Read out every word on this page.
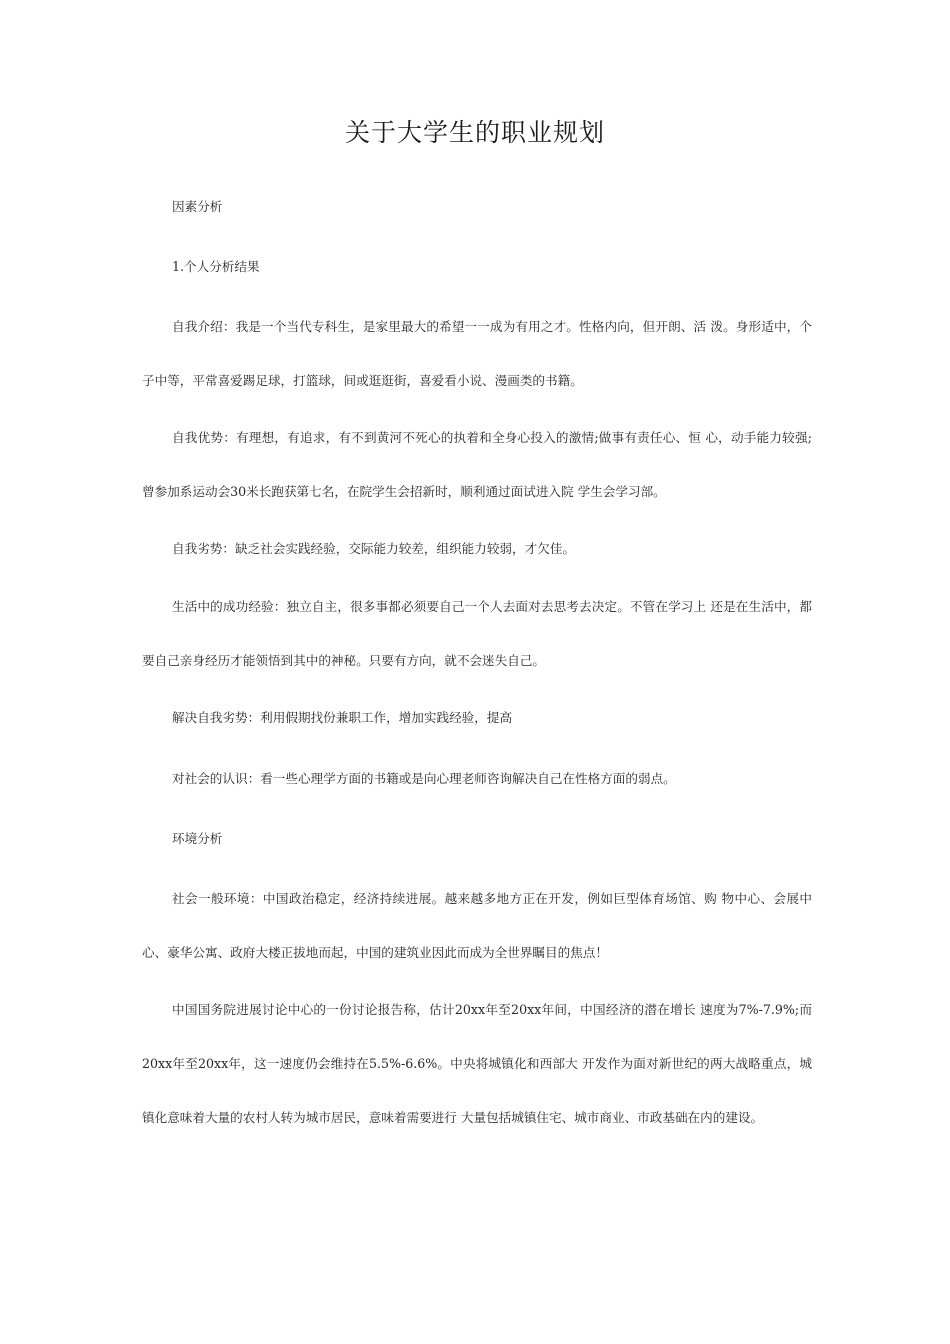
关于大学生的职业规划

因素分析

1.个人分析结果

自我介绍：我是一个当代专科生，是家里最大的希望一一成为有用之才。性格内向，但开朗、活 泼。身形适中，个子中等，平常喜爱踢足球，打篮球，间或逛逛街，喜爱看小说、漫画类的书籍。

自我优势：有理想，有追求，有不到黄河不死心的执着和全身心投入的激情;做事有责任心、恒 心，动手能力较强;曾参加系运动会30米长跑获第七名，在院学生会招新时，顺利通过面试进入院 学生会学习部。

自我劣势：缺乏社会实践经验，交际能力较差，组织能力较弱，才欠佳。

生活中的成功经验：独立自主，很多事都必须要自己一个人去面对去思考去决定。不管在学习上 还是在生活中，都要自己亲身经历才能领悟到其中的神秘。只要有方向，就不会迷失自己。

解决自我劣势：利用假期找份兼职工作，增加实践经验，提高

对社会的认识：看一些心理学方面的书籍或是向心理老师咨询解决自己在性格方面的弱点。

环境分析

社会一般环境：中国政治稳定，经济持续进展。越来越多地方正在开发，例如巨型体育场馆、购 物中心、会展中心、豪华公寓、政府大楼正拔地而起，中国的建筑业因此而成为全世界瞩目的焦点！

中国国务院进展讨论中心的一份讨论报告称，估计20xx年至20xx年间，中国经济的潜在增长 速度为7%-7.9%;而20xx年至20xx年，这一速度仍会维持在5.5%-6.6%。中央将城镇化和西部大 开发作为面对新世纪的两大战略重点，城镇化意味着大量的农村人转为城市居民，意味着需要进行 大量包括城镇住宅、城市商业、市政基础在内的建设。
